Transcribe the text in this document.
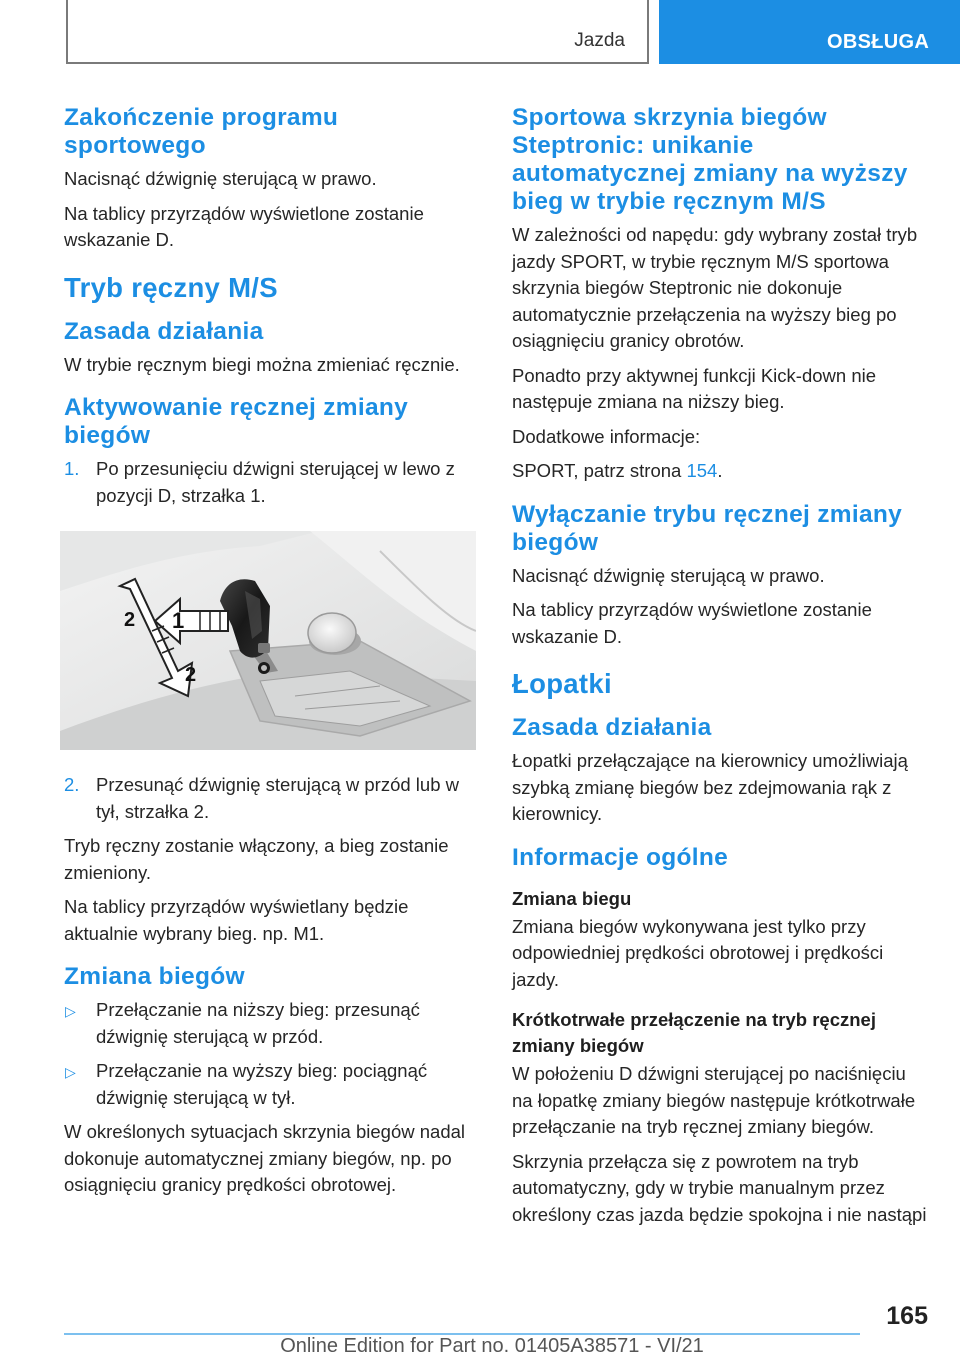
Jazda	OBSŁUGA
Zakończenie programu sportowego

Nacisnąć dźwignię sterującą w prawo.

Na tablicy przyrządów wyświetlone zostanie wskazanie D.

Tryb ręczny M/S
Zasada działania

W trybie ręcznym biegi można zmieniać ręcznie.

Aktywowanie ręcznej zmiany biegów
1. Po przesunięciu dźwigni sterującej w lewo z pozycji D, strzałka 1.
1
2
2
2. Przesunąć dźwignię sterującą w przód lub w tył, strzałka 2.

Tryb ręczny zostanie włączony, a bieg zostanie zmieniony.

Na tablicy przyrządów wyświetlany będzie aktualnie wybrany bieg. np. M1.

Zmiana biegów
▷ Przełączanie na niższy bieg: przesunąć dźwignię sterującą w przód.
▷ Przełączanie na wyższy bieg: pociągnąć dźwignię sterującą w tył.

W określonych sytuacjach skrzynia biegów nadal dokonuje automatycznej zmiany biegów, np. po osiągnięciu granicy prędkości obrotowej.

Sportowa skrzynia biegów Steptronic: unikanie automatycznej zmiany na wyższy bieg w trybie ręcznym M/S

W zależności od napędu: gdy wybrany został tryb jazdy SPORT, w trybie ręcznym M/S sportowa skrzynia biegów Steptronic nie dokonuje automatycznie przełączenia na wyższy bieg po osiągnięciu granicy obrotów.

Ponadto przy aktywnej funkcji Kick-down nie następuje zmiana na niższy bieg.

Dodatkowe informacje:

SPORT, patrz strona 154.

Wyłączanie trybu ręcznej zmiany biegów

Nacisnąć dźwignię sterującą w prawo.

Na tablicy przyrządów wyświetlone zostanie wskazanie D.

Łopatki
Zasada działania

Łopatki przełączające na kierownicy umożliwiają szybką zmianę biegów bez zdejmowania rąk z kierownicy.

Informacje ogólne
Zmiana biegu

Zmiana biegów wykonywana jest tylko przy odpowiedniej prędkości obrotowej i prędkości jazdy.

Krótkotrwałe przełączenie na tryb ręcznej zmiany biegów

W położeniu D dźwigni sterującej po naciśnięciu na łopatkę zmiany biegów następuje krótkotrwałe przełączanie na tryb ręcznej zmiany biegów.

Skrzynia przełącza się z powrotem na tryb automatyczny, gdy w trybie manualnym przez określony czas jazda będzie spokojna i nie nastąpi

165
Online Edition for Part no. 01405A38571 - VI/21
